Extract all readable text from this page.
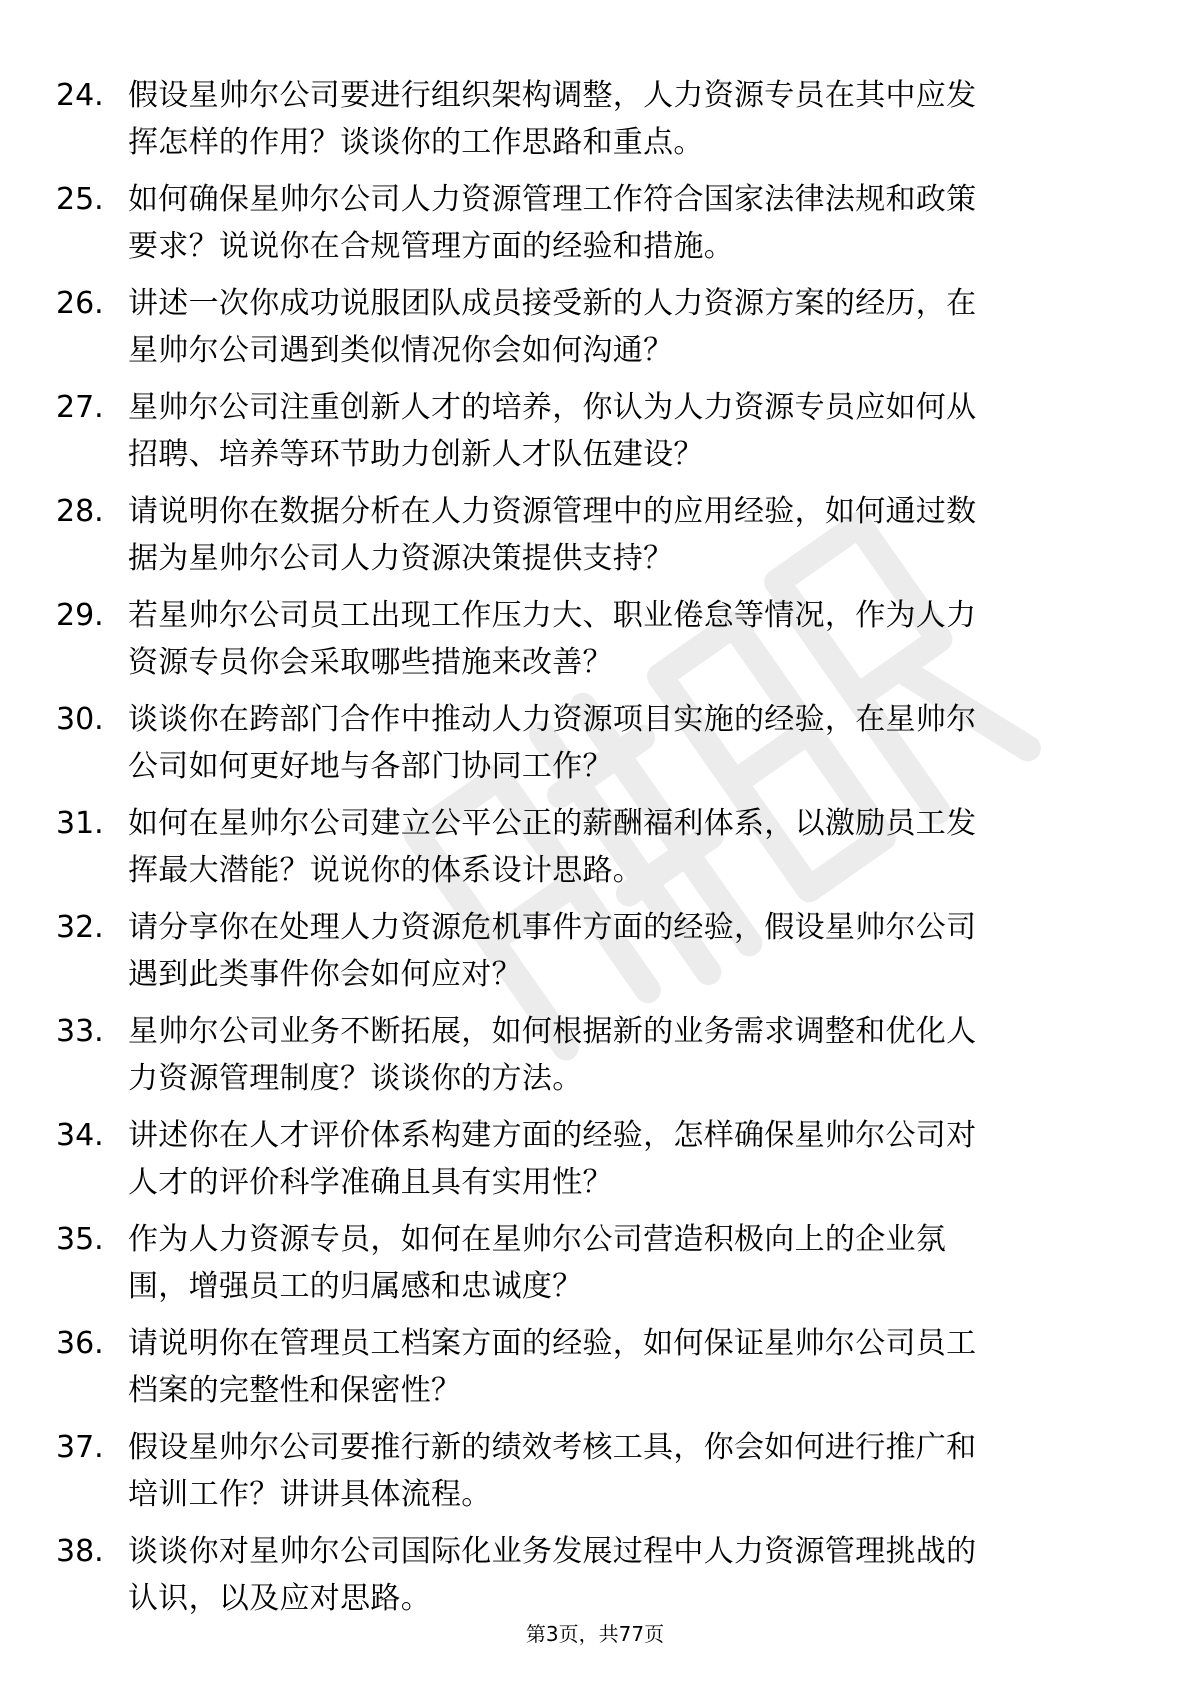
24. 假设星帅尔公司要进行组织架构调整，人力资源专员在其中应发
挥怎样的作用？谈谈你的工作思路和重点。
25. 如何确保星帅尔公司人力资源管理工作符合国家法律法规和政策
要求？说说你在合规管理方面的经验和措施。
26. 讲述一次你成功说服团队成员接受新的人力资源方案的经历，在
星帅尔公司遇到类似情况你会如何沟通？
27. 星帅尔公司注重创新人才的培养，你认为人力资源专员应如何从
招聘、培养等环节助力创新人才队伍建设？
28. 请说明你在数据分析在人力资源管理中的应用经验，如何通过数
据为星帅尔公司人力资源决策提供支持？
29. 若星帅尔公司员工出现工作压力大、职业倦怠等情况，作为人力
资源专员你会采取哪些措施来改善？
30. 谈谈你在跨部门合作中推动人力资源项目实施的经验，在星帅尔
公司如何更好地与各部门协同工作？
31. 如何在星帅尔公司建立公平公正的薪酬福利体系，以激励员工发
挥最大潜能？说说你的体系设计思路。
32. 请分享你在处理人力资源危机事件方面的经验，假设星帅尔公司
遇到此类事件你会如何应对？
33. 星帅尔公司业务不断拓展，如何根据新的业务需求调整和优化人
力资源管理制度？谈谈你的方法。
34. 讲述你在人才评价体系构建方面的经验，怎样确保星帅尔公司对
人才的评价科学准确且具有实用性？
35. 作为人力资源专员，如何在星帅尔公司营造积极向上的企业氛
围，增强员工的归属感和忠诚度？
36. 请说明你在管理员工档案方面的经验，如何保证星帅尔公司员工
档案的完整性和保密性？
37. 假设星帅尔公司要推行新的绩效考核工具，你会如何进行推广和
培训工作？讲讲具体流程。
38. 谈谈你对星帅尔公司国际化业务发展过程中人力资源管理挑战的
认识，以及应对思路。
第3页，共77页
